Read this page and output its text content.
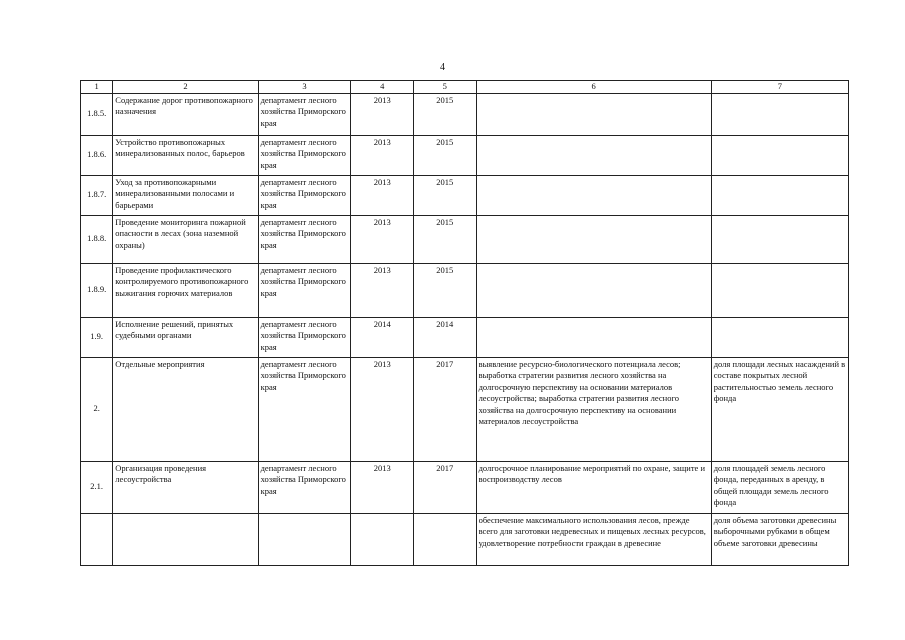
4
1	2	3	4	5	6	7
1.8.5.	Содержание дорог противопожарного назначения	департамент лесного хозяйства Приморского края	2013	2015		
1.8.6.	Устройство противопожарных минерализованных полос, барьеров	департамент лесного хозяйства Приморского края	2013	2015		
1.8.7.	Уход за противопожарными минерализованными полосами и барьерами	департамент лесного хозяйства Приморского края	2013	2015		
1.8.8.	Проведение мониторинга пожарной опасности в лесах (зона наземной охраны)	департамент лесного хозяйства Приморского края	2013	2015		
1.8.9.	Проведение профилактического контролируемого противопожарного выжигания горючих материалов	департамент лесного хозяйства Приморского края	2013	2015		
1.9.	Исполнение решений, принятых судебными органами	департамент лесного хозяйства Приморского края	2014	2014		
2.	Отдельные мероприятия	департамент лесного хозяйства Приморского края	2013	2017	выявление ресурсно-биологического потенциала лесов; выработка стратегии развития лесного хозяйства на долгосрочную перспективу на основании материалов лесоустройства; выработка стратегии развития лесного хозяйства на долгосрочную перспективу на основании материалов лесоустройства	доля площади лесных насаждений в составе покрытых лесной растительностью земель лесного фонда
2.1.	Организация проведения лесоустройства	департамент лесного хозяйства Приморского края	2013	2017	долгосрочное планирование мероприятий по охране, защите и воспроизводству лесов	доля площадей земель лесного фонда, переданных в аренду, в общей площади земель лесного фонда
					обеспечение максимального использования лесов, прежде всего для заготовки недревесных и пищевых лесных ресурсов, удовлетворение потребности граждан в древесине	доля объема заготовки древесины выборочными рубками в общем объеме заготовки древесины
